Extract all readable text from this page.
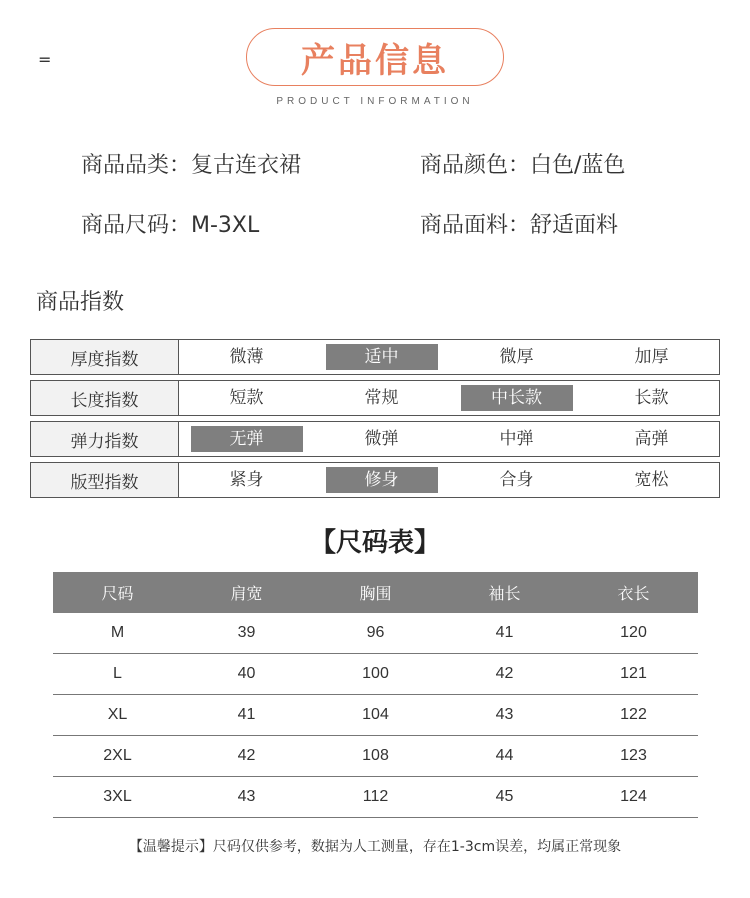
=	产品信息
PRODUCT INFORMATION
商品品类：复古连衣裙	商品颜色：白色/蓝色
商品尺码：M-3XL	商品面料：舒适面料
商品指数
厚度指数	微薄	适中	微厚	加厚
长度指数	短款	常规	中长款	长款
弹力指数	无弹	微弹	中弹	高弹
版型指数	紧身	修身	合身	宽松
【尺码表】
尺码	肩宽	胸围	袖长	衣长
M	39	96	41	120
L	40	100	42	121
XL	41	104	43	122
2XL	42	108	44	123
3XL	43	112	45	124
【温馨提示】尺码仅供参考，数据为人工测量，存在1-3cm误差，均属正常现象
